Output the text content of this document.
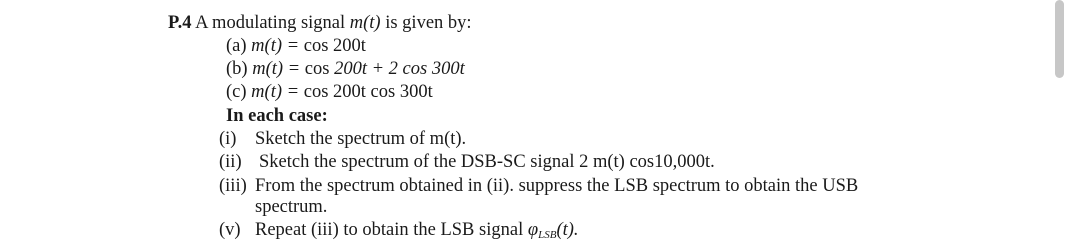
P.4 A modulating signal m(t) is given by:
(a) m(t) = cos 200t
(b) m(t) = cos 200t + 2 cos 300t
(c) m(t) = cos 200t cos 300t
In each case:
(i) Sketch the spectrum of m(t).
(ii) Sketch the spectrum of the DSB-SC signal 2 m(t) cos10,000t.
(iii) From the spectrum obtained in (ii). suppress the LSB spectrum to obtain the USB
spectrum.
(v) Repeat (iii) to obtain the LSB signal $\varphi_{LSB}(t)$.
